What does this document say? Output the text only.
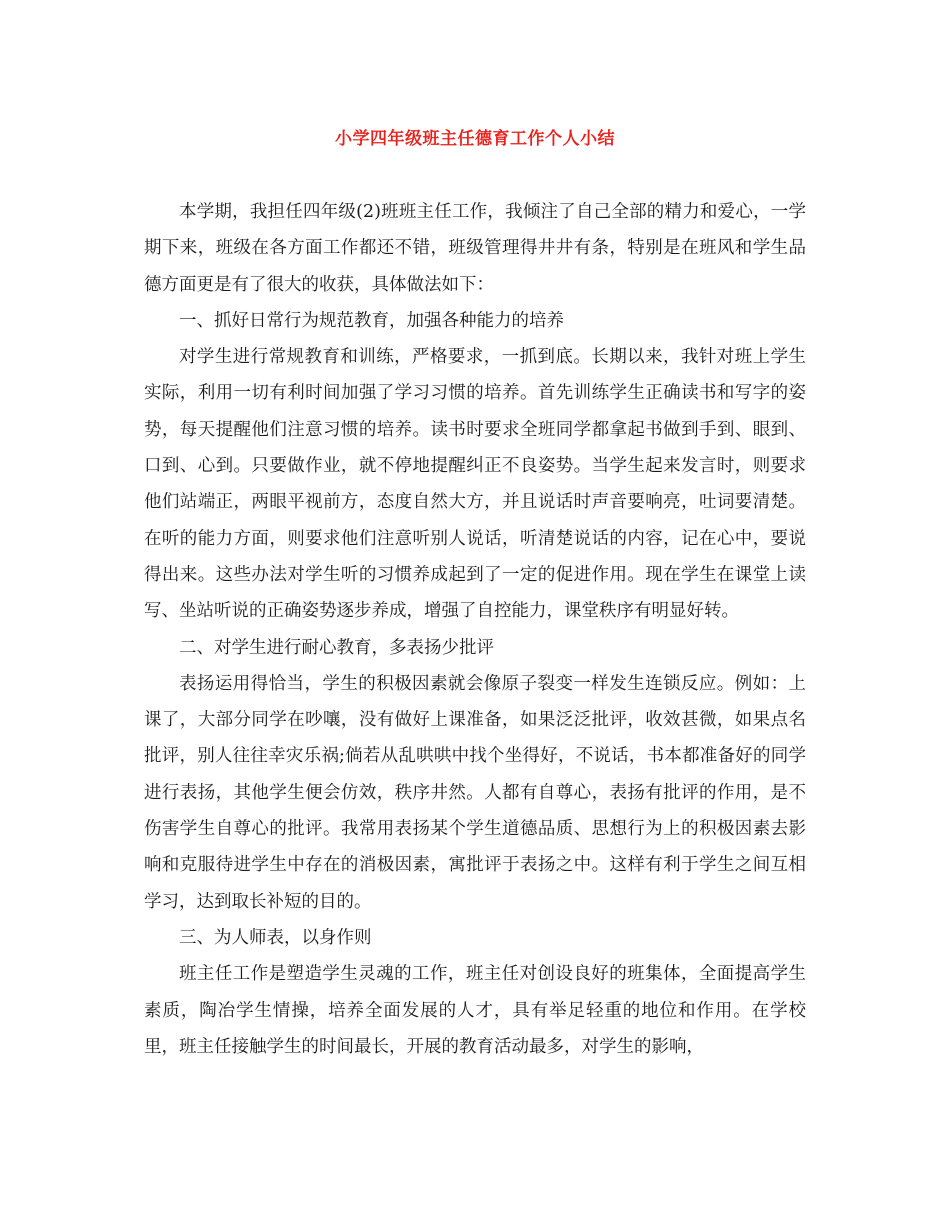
小学四年级班主任德育工作个人小结

本学期，我担任四年级(2)班班主任工作，我倾注了自己全部的精力和爱心，一学期下来，班级在各方面工作都还不错，班级管理得井井有条，特别是在班风和学生品德方面更是有了很大的收获，具体做法如下：

一、抓好日常行为规范教育，加强各种能力的培养

对学生进行常规教育和训练，严格要求，一抓到底。长期以来，我针对班上学生实际，利用一切有利时间加强了学习习惯的培养。首先训练学生正确读书和写字的姿势，每天提醒他们注意习惯的培养。读书时要求全班同学都拿起书做到手到、眼到、口到、心到。只要做作业，就不停地提醒纠正不良姿势。当学生起来发言时，则要求他们站端正，两眼平视前方，态度自然大方，并且说话时声音要响亮，吐词要清楚。在听的能力方面，则要求他们注意听别人说话，听清楚说话的内容，记在心中，要说得出来。这些办法对学生听的习惯养成起到了一定的促进作用。现在学生在课堂上读写、坐站听说的正确姿势逐步养成，增强了自控能力，课堂秩序有明显好转。

二、对学生进行耐心教育，多表扬少批评

表扬运用得恰当，学生的积极因素就会像原子裂变一样发生连锁反应。例如：上课了，大部分同学在吵嚷，没有做好上课准备，如果泛泛批评，收效甚微，如果点名批评，别人往往幸灾乐祸;倘若从乱哄哄中找个坐得好，不说话，书本都准备好的同学进行表扬，其他学生便会仿效，秩序井然。人都有自尊心，表扬有批评的作用，是不伤害学生自尊心的批评。我常用表扬某个学生道德品质、思想行为上的积极因素去影响和克服待进学生中存在的消极因素，寓批评于表扬之中。这样有利于学生之间互相学习，达到取长补短的目的。

三、为人师表，以身作则

班主任工作是塑造学生灵魂的工作，班主任对创设良好的班集体，全面提高学生素质，陶冶学生情操，培养全面发展的人才，具有举足轻重的地位和作用。在学校里，班主任接触学生的时间最长，开展的教育活动最多，对学生的影响，
